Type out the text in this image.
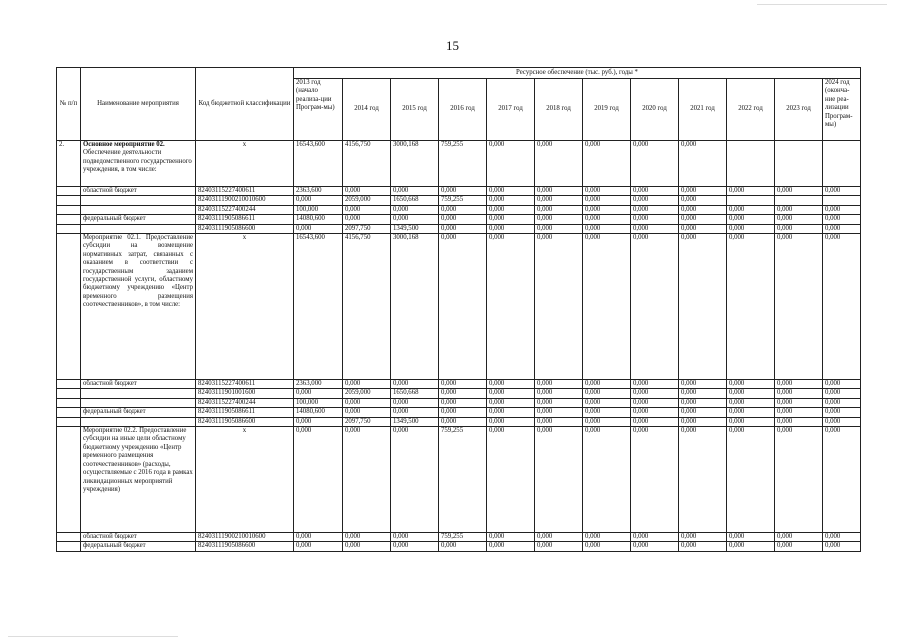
15
№ п/п	Наименование мероприятия	Код бюджетной классификации	Ресурсное обеспечение (тыс. руб.), годы *											
			2013 год (начало реализа-ции Програм-мы)	2014 год	2015 год	2016 год	2017 год	2018 год	2019 год	2020 год	2021 год	2022 год	2023 год	2024 год (оконча-ние реа-лизации Програм-мы)
2.	Основное мероприятие 02. Обеспечение деятельности подведомственного государственного учреждения, в том числе:	x	16543,600	4156,750	3000,168	759,255	0,000	0,000	0,000	0,000	0,000			
	областной бюджет	82403115227400611	2363,600	0,000	0,000	0,000	0,000	0,000	0,000	0,000	0,000	0,000	0,000	0,000
		82403111900210010600	0,000	2059,000	1650,668	759,255	0,000	0,000	0,000	0,000	0,000			
		82403115227400244	100,000	0,000	0,000	0,000	0,000	0,000	0,000	0,000	0,000	0,000	0,000	0,000
	федеральный бюджет	82403111905086611	14080,600	0,000	0,000	0,000	0,000	0,000	0,000	0,000	0,000	0,000	0,000	0,000
		82403111905086600	0,000	2097,750	1349,500	0,000	0,000	0,000	0,000	0,000	0,000	0,000	0,000	0,000
	Мероприятие 02.1. Предоставление субсидии на возмещение нормативных затрат, связанных с оказанием в соответствии с государственным заданием государственной услуги, областному бюджетному учреждению «Центр временного размещения соотечественников», в том числе:	x	16543,600	4156,750	3000,168	0,000	0,000	0,000	0,000	0,000	0,000	0,000	0,000	0,000
	областной бюджет	82403115227400611	2363,000	0,000	0,000	0,000	0,000	0,000	0,000	0,000	0,000	0,000	0,000	0,000
		82403111901001600	0,000	2059,000	1650,668	0,000	0,000	0,000	0,000	0,000	0,000	0,000	0,000	0,000
		82403115227400244	100,000	0,000	0,000	0,000	0,000	0,000	0,000	0,000	0,000	0,000	0,000	0,000
	федеральный бюджет	82403111905086611	14080,600	0,000	0,000	0,000	0,000	0,000	0,000	0,000	0,000	0,000	0,000	0,000
		82403111905086600	0,000	2097,750	1349,500	0,000	0,000	0,000	0,000	0,000	0,000	0,000	0,000	0,000
	Мероприятие 02.2. Предоставление субсидии на иные цели областному бюджетному учреждению «Центр временного размещения соотечественников» (расходы, осуществляемые с 2016 года в рамках ликвидационных мероприятий учреждения)	x	0,000	0,000	0,000	759,255	0,000	0,000	0,000	0,000	0,000	0,000	0,000	0,000
	областной бюджет	82403111900210010600	0,000	0,000	0,000	759,255	0,000	0,000	0,000	0,000	0,000	0,000	0,000	0,000
	федеральный бюджет	82403111905086600	0,000	0,000	0,000	0,000	0,000	0,000	0,000	0,000	0,000	0,000	0,000	0,000
